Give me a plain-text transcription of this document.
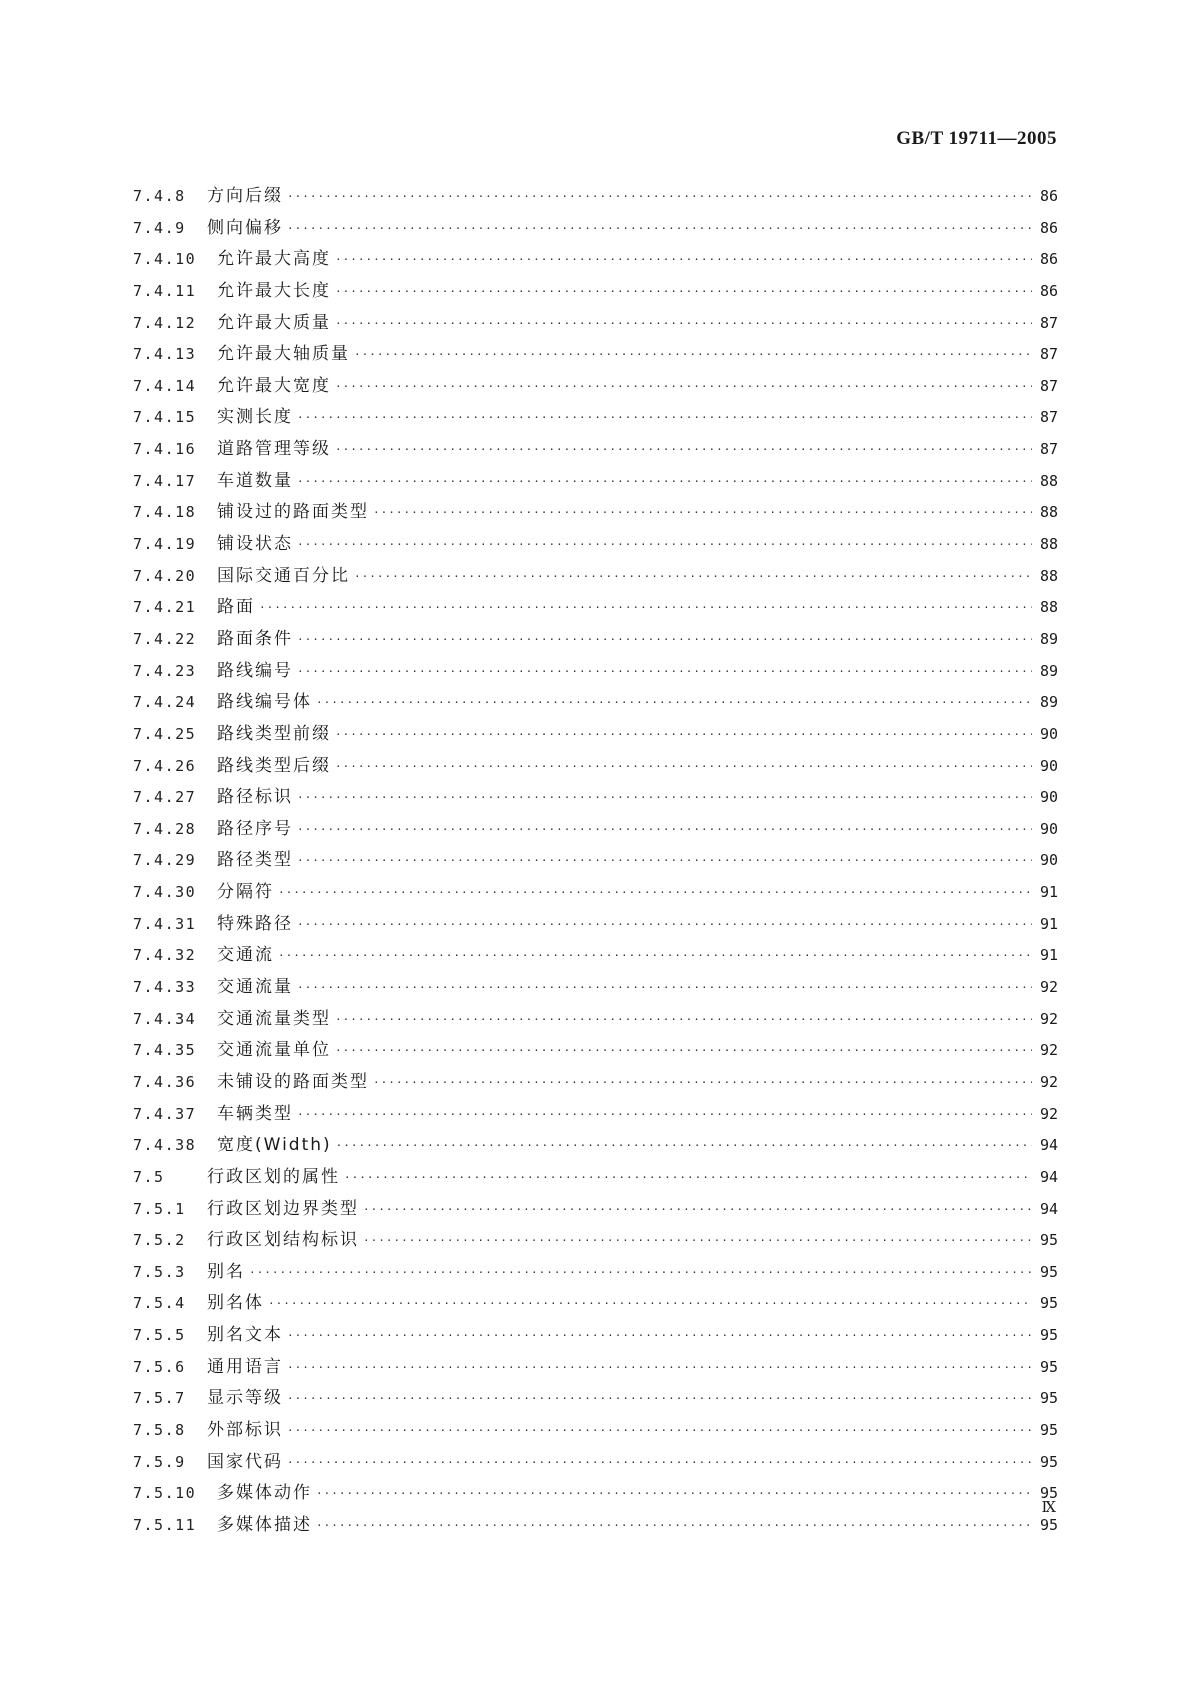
GB/T 19711—2005
7.4.8	方向后缀 ·····	86
7.4.9	侧向偏移 ·····	86
7.4.10	允许最大高度 ·····	86
7.4.11	允许最大长度 ·····	86
7.4.12	允许最大质量 ·····	87
7.4.13	允许最大轴质量 ·····	87
7.4.14	允许最大宽度 ·····	87
7.4.15	实测长度 ·····	87
7.4.16	道路管理等级 ·····	87
7.4.17	车道数量 ·····	88
7.4.18	铺设过的路面类型 ·····	88
7.4.19	铺设状态 ·····	88
7.4.20	国际交通百分比 ·····	88
7.4.21	路面 ·····	88
7.4.22	路面条件 ·····	89
7.4.23	路线编号 ·····	89
7.4.24	路线编号体 ·····	89
7.4.25	路线类型前缀 ·····	90
7.4.26	路线类型后缀 ·····	90
7.4.27	路径标识 ·····	90
7.4.28	路径序号 ·····	90
7.4.29	路径类型 ·····	90
7.4.30	分隔符 ·····	91
7.4.31	特殊路径 ·····	91
7.4.32	交通流 ·····	91
7.4.33	交通流量 ·····	92
7.4.34	交通流量类型 ·····	92
7.4.35	交通流量单位 ·····	92
7.4.36	未铺设的路面类型 ·····	92
7.4.37	车辆类型 ·····	92
7.4.38	宽度(Width) ·····	94
7.5	行政区划的属性 ·····	94
7.5.1	行政区划边界类型 ·····	94
7.5.2	行政区划结构标识 ·····	95
7.5.3	别名 ·····	95
7.5.4	别名体 ·····	95
7.5.5	别名文本 ·····	95
7.5.6	通用语言 ·····	95
7.5.7	显示等级 ·····	95
7.5.8	外部标识 ·····	95
7.5.9	国家代码 ·····	95
7.5.10	多媒体动作 ·····	95
7.5.11	多媒体描述 ·····	95
Ⅸ
